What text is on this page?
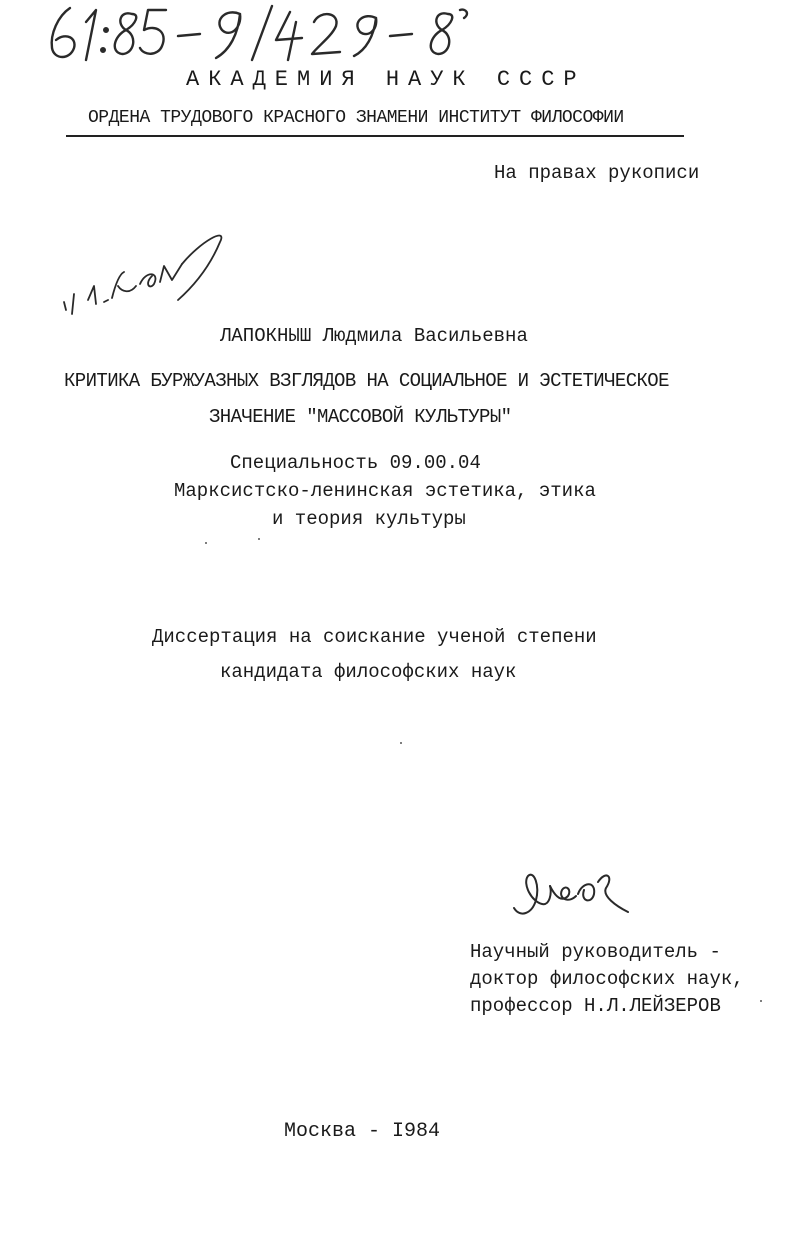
АКАДЕМИЯ НАУК СССР
ОРДЕНА ТРУДОВОГО КРАСНОГО ЗНАМЕНИ ИНСТИТУТ ФИЛОСОФИИ
На правах рукописи
ЛАПОКНЫШ Людмила Васильевна
КРИТИКА БУРЖУАЗНЫХ ВЗГЛЯДОВ НА СОЦИАЛЬНОЕ И ЭСТЕТИЧЕСКОЕ
ЗНАЧЕНИЕ "МАССОВОЙ КУЛЬТУРЫ"
Специальность 09.00.04
Марксистско-ленинская эстетика, этика
и теория культуры
Диссертация на соискание ученой степени
кандидата философских наук
Научный руководитель -
доктор философских наук,
профессор Н.Л.ЛЕЙЗЕРОВ
Москва - I984
